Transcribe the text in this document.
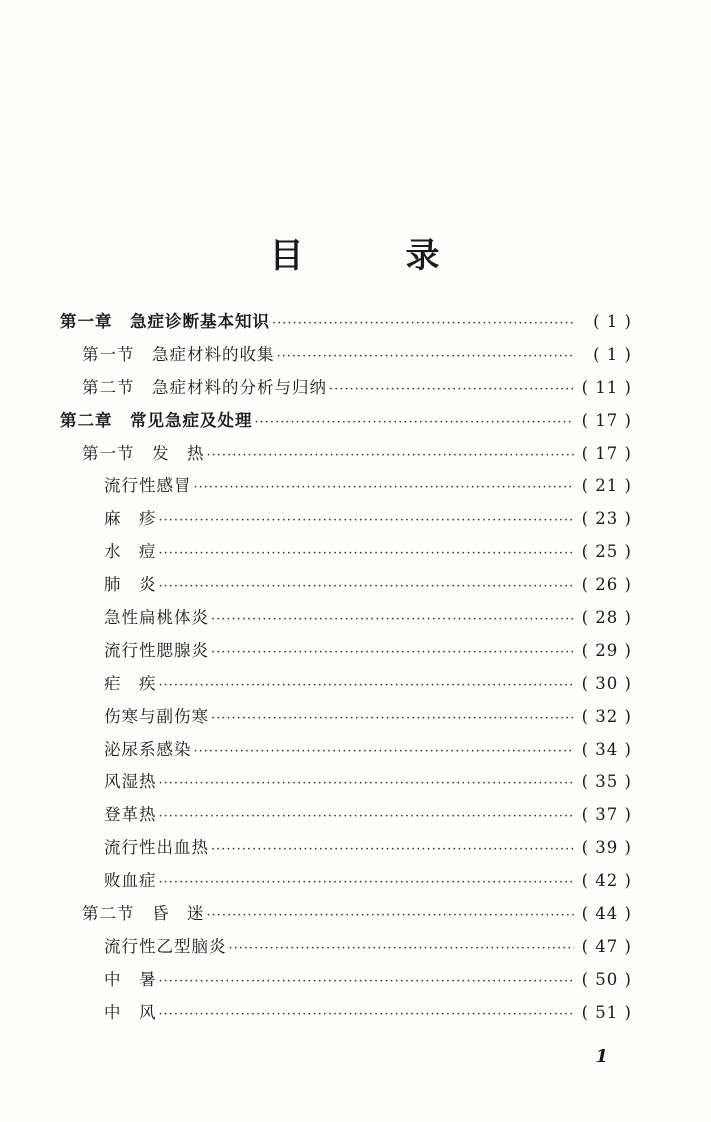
目	录
第一章　急症诊断基本知识 ·····	( 1 )
第一节　急症材料的收集 ·····	( 1 )
第二节　急症材料的分析与归纳 ·····	( 11 )
第二章　常见急症及处理 ·····	( 17 )
第一节　发　热 ·····	( 17 )
流行性感冒 ·····	( 21 )
麻　疹 ·····	( 23 )
水　痘 ·····	( 25 )
肺　炎 ·····	( 26 )
急性扁桃体炎 ·····	( 28 )
流行性腮腺炎 ·····	( 29 )
疟　疾 ·····	( 30 )
伤寒与副伤寒 ·····	( 32 )
泌尿系感染 ·····	( 34 )
风湿热 ·····	( 35 )
登革热 ·····	( 37 )
流行性出血热 ·····	( 39 )
败血症 ·····	( 42 )
第二节　昏　迷 ·····	( 44 )
流行性乙型脑炎 ·····	( 47 )
中　暑 ·····	( 50 )
中　风 ·····	( 51 )
1
